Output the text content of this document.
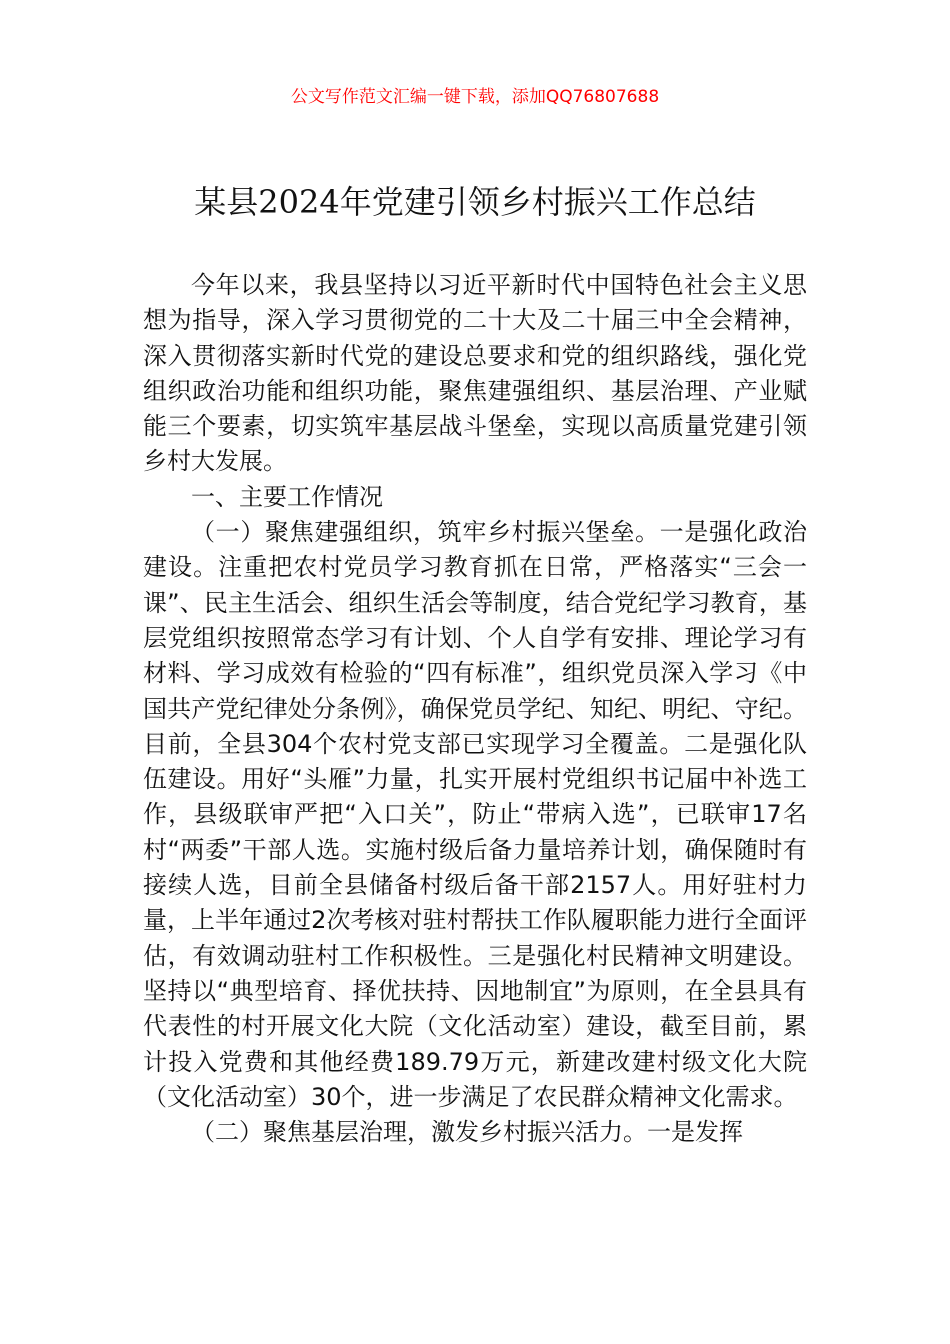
公文写作范文汇编一键下载，添加QQ76807688
某县2024年党建引领乡村振兴工作总结

今年以来，我县坚持以习近平新时代中国特色社会主义思想为指导，深入学习贯彻党的二十大及二十届三中全会精神，深入贯彻落实新时代党的建设总要求和党的组织路线，强化党组织政治功能和组织功能，聚焦建强组织、基层治理、产业赋能三个要素，切实筑牢基层战斗堡垒，实现以高质量党建引领乡村大发展。

一、主要工作情况

（一）聚焦建强组织，筑牢乡村振兴堡垒。一是强化政治建设。注重把农村党员学习教育抓在日常，严格落实“三会一课”、民主生活会、组织生活会等制度，结合党纪学习教育，基层党组织按照常态学习有计划、个人自学有安排、理论学习有材料、学习成效有检验的“四有标准”，组织党员深入学习《中国共产党纪律处分条例》，确保党员学纪、知纪、明纪、守纪。目前，全县304个农村党支部已实现学习全覆盖。二是强化队伍建设。用好“头雁”力量，扎实开展村党组织书记届中补选工作，县级联审严把“入口关”，防止“带病入选”，已联审17名村“两委”干部人选。实施村级后备力量培养计划，确保随时有接续人选，目前全县储备村级后备干部2157人。用好驻村力量，上半年通过2次考核对驻村帮扶工作队履职能力进行全面评估，有效调动驻村工作积极性。三是强化村民精神文明建设。坚持以“典型培育、择优扶持、因地制宜”为原则，在全县具有代表性的村开展文化大院（文化活动室）建设，截至目前，累计投入党费和其他经费189.79万元，新建改建村级文化大院（文化活动室）30个，进一步满足了农民群众精神文化需求。

（二）聚焦基层治理，激发乡村振兴活力。一是发挥
